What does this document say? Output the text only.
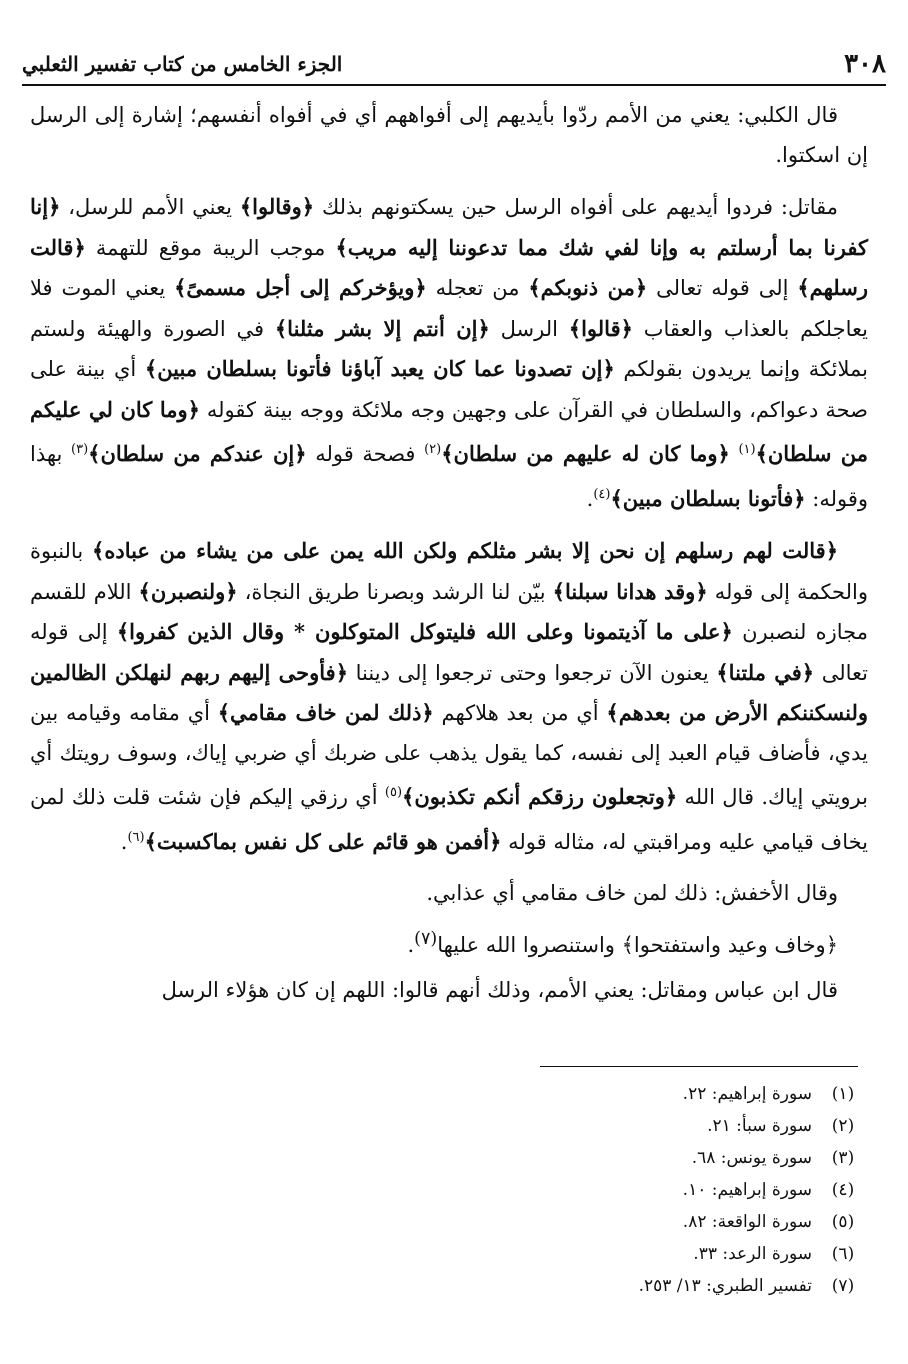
الجزء الخامس من كتاب تفسير الثعلبي	٣٠٨

قال الكلبي: يعني من الأمم ردّوا بأيديهم إلى أفواههم أي في أفواه أنفسهم؛ إشارة إلى الرسل إن اسكتوا.

مقاتل: فردوا أيديهم على أفواه الرسل حين يسكتونهم بذلك ﴿وقالوا﴾ يعني الأمم للرسل، ﴿إنا كفرنا بما أرسلتم به وإنا لفي شك مما تدعوننا إليه مريب﴾ موجب الريبة موقع للتهمة ﴿قالت رسلهم﴾ إلى قوله تعالى ﴿من ذنوبكم﴾ من تعجله ﴿ويؤخركم إلى أجل مسمىً﴾ يعني الموت فلا يعاجلكم بالعذاب والعقاب ﴿قالوا﴾ الرسل ﴿إن أنتم إلا بشر مثلنا﴾ في الصورة والهيئة ولستم بملائكة وإنما يريدون بقولكم ﴿إن تصدونا عما كان يعبد آباؤنا فأتونا بسلطان مبين﴾ أي بينة على صحة دعواكم، والسلطان في القرآن على وجهين وجه ملائكة ووجه بينة كقوله ﴿وما كان لي عليكم من سلطان﴾$^{(١)}$ ﴿وما كان له عليهم من سلطان﴾$^{(٢)}$ فصحة قوله ﴿إن عندكم من سلطان﴾$^{(٣)}$ بهذا وقوله: ﴿فأتونا بسلطان مبين﴾$^{(٤)}$.

﴿قالت لهم رسلهم إن نحن إلا بشر مثلكم ولكن الله يمن على من يشاء من عباده﴾ بالنبوة والحكمة إلى قوله ﴿وقد هدانا سبلنا﴾ بيّن لنا الرشد وبصرنا طريق النجاة، ﴿ولنصبرن﴾ اللام للقسم مجازه لنصبرن ﴿على ما آذيتمونا وعلى الله فليتوكل المتوكلون * وقال الذين كفروا﴾ إلى قوله تعالى ﴿في ملتنا﴾ يعنون الآن ترجعوا وحتى ترجعوا إلى ديننا ﴿فأوحى إليهم ربهم لنهلكن الظالمين ولنسكننكم الأرض من بعدهم﴾ أي من بعد هلاكهم ﴿ذلك لمن خاف مقامي﴾ أي مقامه وقيامه بين يدي، فأضاف قيام العبد إلى نفسه، كما يقول يذهب على ضربك أي ضربي إياك، وسوف رويتك أي برويتي إياك. قال الله ﴿وتجعلون رزقكم أنكم تكذبون﴾$^{(٥)}$ أي رزقي إليكم فإن شئت قلت ذلك لمن يخاف قيامي عليه ومراقبتي له، مثاله قوله ﴿أفمن هو قائم على كل نفس بماكسبت﴾$^{(٦)}$.

وقال الأخفش: ذلك لمن خاف مقامي أي عذابي.

﴿وخاف وعيد واستفتحوا﴾ واستنصروا الله عليها$^{(٧)}$.

قال ابن عباس ومقاتل: يعني الأمم، وذلك أنهم قالوا: اللهم إن كان هؤلاء الرسل

(١)
سورة إبراهيم: ٢٢.
(٢)
سورة سبأ: ٢١.
(٣)
سورة يونس: ٦٨.
(٤)
سورة إبراهيم: ١٠.
(٥)
سورة الواقعة: ٨٢.
(٦)
سورة الرعد: ٣٣.
(٧)
تفسير الطبري: ١٣/ ٢٥٣.
